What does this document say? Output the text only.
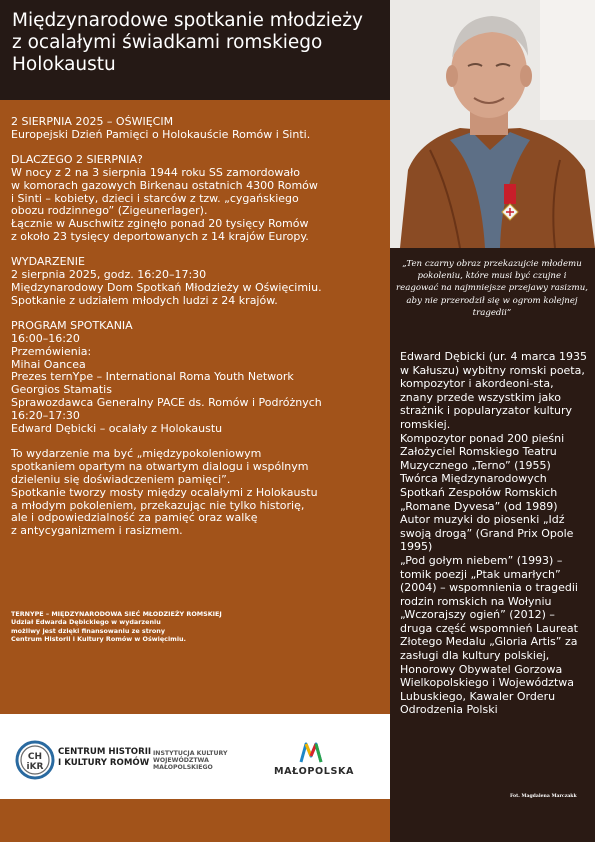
Międzynarodowe spotkanie młodzieży z ocalałymi świadkami romskiego Holokaustu
2 SIERPNIA 2025 – OŚWIĘCIM

Europejski Dzień Pamięci o Holokauście Romów i Sinti.

DLACZEGO 2 SIERPNIA?

W nocy z 2 na 3 sierpnia 1944 roku SS zamordowało
w komorach gazowych Birkenau ostatnich 4300 Romów
i Sinti – kobiety, dzieci i starców z tzw. „cygańskiego
obozu rodzinnego” (Zigeunerlager).
Łącznie w Auschwitz zginęło ponad 20 tysięcy Romów
z około 23 tysięcy deportowanych z 14 krajów Europy.

WYDARZENIE

2 sierpnia 2025, godz. 16:20–17:30
Międzynarodowy Dom Spotkań Młodzieży w Oświęcimiu.
Spotkanie z udziałem młodych ludzi z 24 krajów.

PROGRAM SPOTKANIA

16:00–16:20
Przemówienia:
Mihai Oancea
Prezes ternYpe – International Roma Youth Network
Georgios Stamatis
Sprawozdawca Generalny PACE ds. Romów i Podróżnych
16:20–17:30
Edward Dębicki – ocalały z Holokaustu

To wydarzenie ma być „międzypokoleniowym
spotkaniem opartym na otwartym dialogu i wspólnym
dzieleniu się doświadczeniem pamięci”.
Spotkanie tworzy mosty między ocalałymi z Holokaustu
a młodym pokoleniem, przekazując nie tylko historię,
ale i odpowiedzialność za pamięć oraz walkę
z antycyganizmem i rasizmem.

TERNYPE – MIĘDZYNARODOWA SIEĆ MŁODZIEŻY ROMSKIEJ
Udział Edwarda Dębickiego w wydarzeniu
możliwy jest dzięki finansowaniu ze strony
Centrum Historii i Kultury Romów w Oświęcimiu.
CH
iKR
CENTRUM HISTORII
I KULTURY ROMÓW
INSTYTUCJA KULTURY
WOJEWÓDZTWA
MAŁOPOLSKIEGO	MAŁOPOLSKA
„Ten czarny obraz przekazujcie młodemu pokoleniu, które musi być czujne i reagować na najmniejsze przejawy rasizmu, aby nie przerodził się w ogrom kolejnej tragedii”
Edward Dębicki (ur. 4 marca 1935 w Kałuszu) wybitny romski poeta, kompozytor i akordeoni-sta, znany przede wszystkim jako strażnik i popularyzator kultury romskiej.
Kompozytor ponad 200 pieśni Założyciel Romskiego Teatru Muzycznego „Terno” (1955) Twórca Międzynarodowych Spotkań Zespołów Romskich „Romane Dyvesa” (od 1989) Autor muzyki do piosenki „Idź swoją drogą” (Grand Prix Opole 1995)
„Pod gołym niebem” (1993) – tomik poezji „Ptak umarłych” (2004) – wspomnienia o tragedii rodzin romskich na Wołyniu „Wczorajszy ogień” (2012) – druga część wspomnień Laureat Złotego Medalu „Gloria Artis” za zasługi dla kultury polskiej, Honorowy Obywatel Gorzowa Wielkopolskiego i Województwa Lubuskiego, Kawaler Orderu Odrodzenia Polski
Fot. Magdalena Marczakk
